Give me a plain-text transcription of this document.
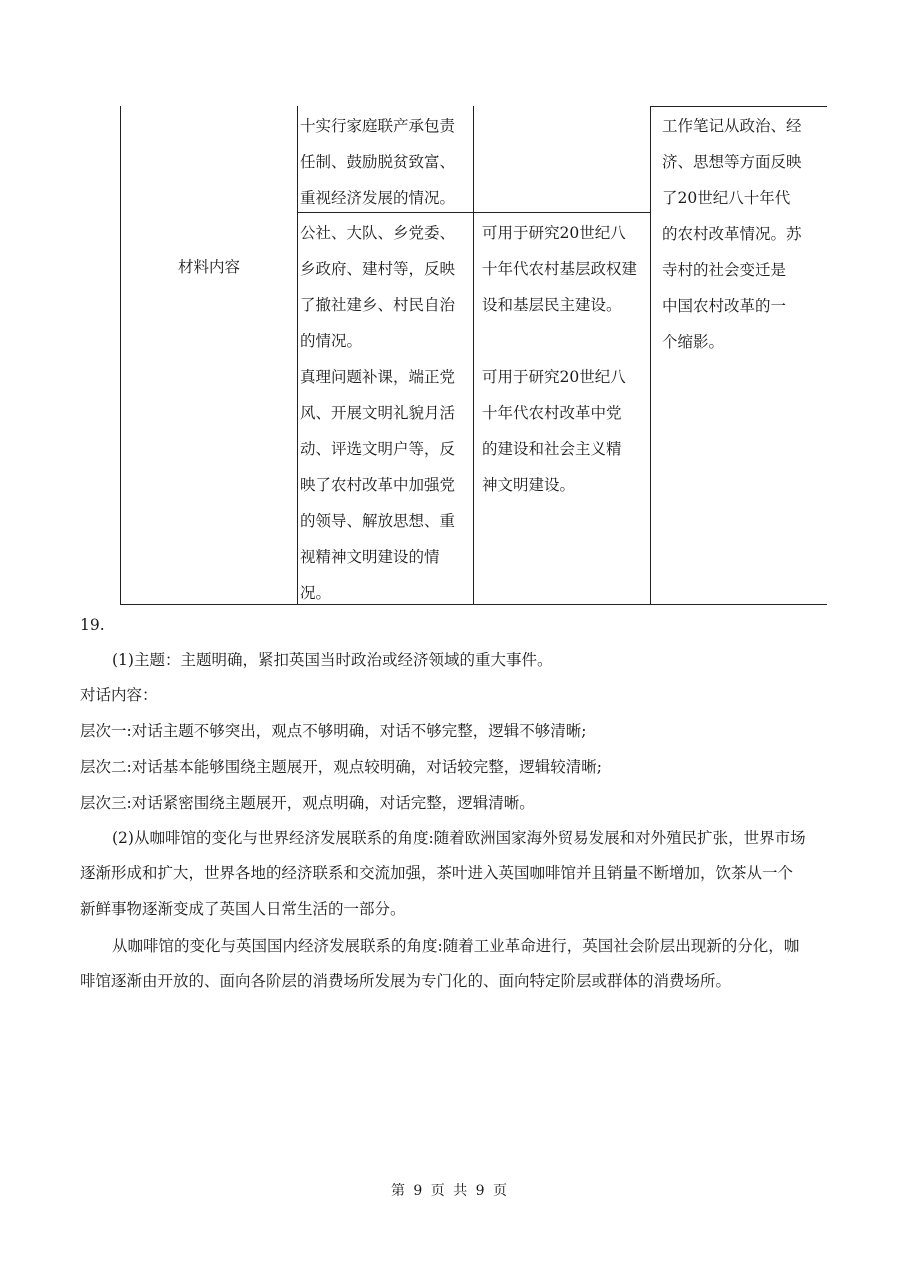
材料内容
十实行家庭联产承包责
任制、鼓励脱贫致富、
重视经济发展的情况。
公社、大队、乡党委、
乡政府、建村等，反映
了撤社建乡、村民自治
的情况。
真理问题补课，端正党
风、开展文明礼貌月活
动、评选文明户等，反
映了农村改革中加强党
的领导、解放思想、重
视精神文明建设的情
况。
可用于研究20世纪八
十年代农村基层政权建
设和基层民主建设。
可用于研究20世纪八
十年代农村改革中党
的建设和社会主义精
神文明建设。
工作笔记从政治、经
济、思想等方面反映
了20世纪八十年代
的农村改革情况。苏
寺村的社会变迁是
中国农村改革的一
个缩影。
19.
(1)主题：主题明确，紧扣英国当时政治或经济领域的重大事件。
对话内容：
层次一:对话主题不够突出，观点不够明确，对话不够完整，逻辑不够清晰;
层次二:对话基本能够围绕主题展开，观点较明确，对话较完整，逻辑较清晰;
层次三:对话紧密围绕主题展开，观点明确，对话完整，逻辑清晰。
(2)从咖啡馆的变化与世界经济发展联系的角度:随着欧洲国家海外贸易发展和对外殖民扩张，世界市场
逐渐形成和扩大，世界各地的经济联系和交流加强，茶叶进入英国咖啡馆并且销量不断增加，饮茶从一个
新鲜事物逐渐变成了英国人日常生活的一部分。
从咖啡馆的变化与英国国内经济发展联系的角度:随着工业革命进行，英国社会阶层出现新的分化，咖
啡馆逐渐由开放的、面向各阶层的消费场所发展为专门化的、面向特定阶层或群体的消费场所。
第 9 页 共 9 页
